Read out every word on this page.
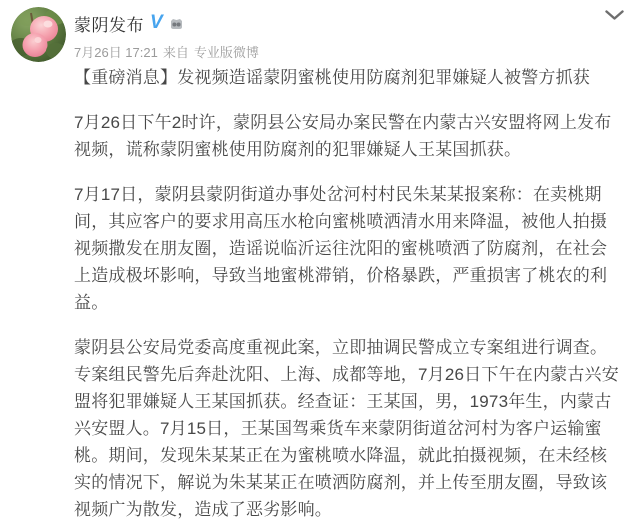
蒙阴发布 V
7月26日 17:21 来自 专业版微博

【重磅消息】发视频造谣蒙阴蜜桃使用防腐剂犯罪嫌疑人被警方抓获

7月26日下午2时许，蒙阴县公安局办案民警在内蒙古兴安盟将网上发布视频，谎称蒙阴蜜桃使用防腐剂的犯罪嫌疑人王某国抓获。

7月17日，蒙阴县蒙阴街道办事处岔河村村民朱某某报案称：在卖桃期间，其应客户的要求用高压水枪向蜜桃喷洒清水用来降温，被他人拍摄视频撒发在朋友圈，造谣说临沂运往沈阳的蜜桃喷洒了防腐剂，在社会上造成极坏影响，导致当地蜜桃滞销，价格暴跌，严重损害了桃农的利益。

蒙阴县公安局党委高度重视此案，立即抽调民警成立专案组进行调查。专案组民警先后奔赴沈阳、上海、成都等地，7月26日下午在内蒙古兴安盟将犯罪嫌疑人王某国抓获。经查证：王某国，男，1973年生，内蒙古兴安盟人。7月15日，王某国驾乘货车来蒙阴街道岔河村为客户运输蜜桃。期间，发现朱某某正在为蜜桃喷水降温，就此拍摄视频，在未经核实的情况下，解说为朱某某正在喷洒防腐剂，并上传至朋友圈，导致该视频广为散发，造成了恶劣影响。
